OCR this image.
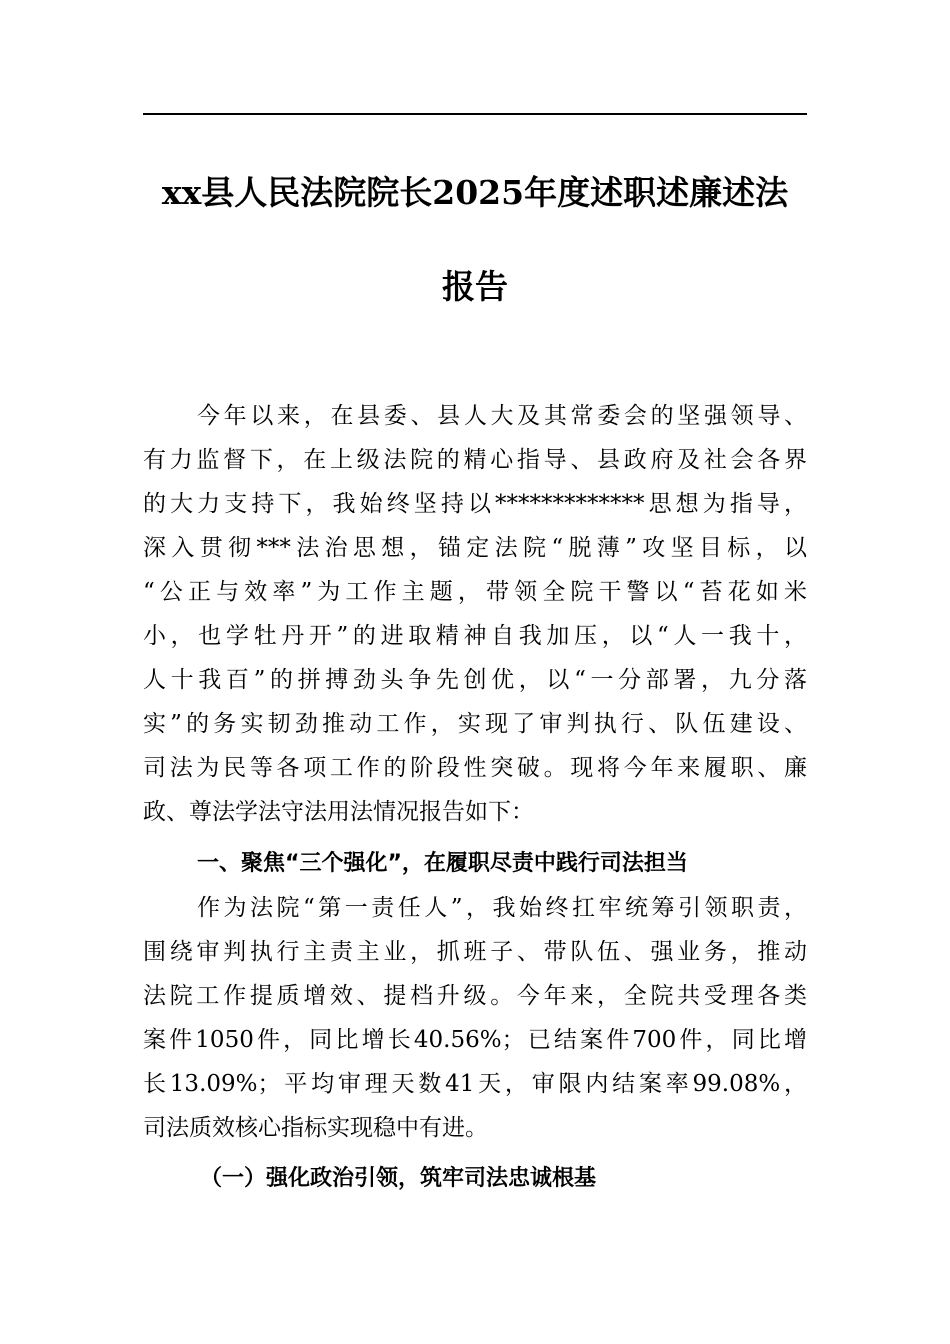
xx县人民法院院长2025年度述职述廉述法
报告
今年以来，在县委、县人大及其常委会的坚强领导、
有力监督下，在上级法院的精心指导、县政府及社会各界
的大力支持下，我始终坚持以*************思想为指导，
深入贯彻***法治思想，锚定法院“脱薄”攻坚目标，以
“公正与效率”为工作主题，带领全院干警以“苔花如米
小，也学牡丹开”的进取精神自我加压，以“人一我十，
人十我百”的拼搏劲头争先创优，以“一分部署，九分落
实”的务实韧劲推动工作，实现了审判执行、队伍建设、
司法为民等各项工作的阶段性突破。现将今年来履职、廉
政、尊法学法守法用法情况报告如下：
一、聚焦“三个强化”，在履职尽责中践行司法担当
作为法院“第一责任人”，我始终扛牢统筹引领职责，
围绕审判执行主责主业，抓班子、带队伍、强业务，推动
法院工作提质增效、提档升级。今年来，全院共受理各类
案件1050件，同比增长40.56%；已结案件700件，同比增
长13.09%；平均审理天数41天，审限内结案率99.08%，
司法质效核心指标实现稳中有进。
（一）强化政治引领，筑牢司法忠诚根基
